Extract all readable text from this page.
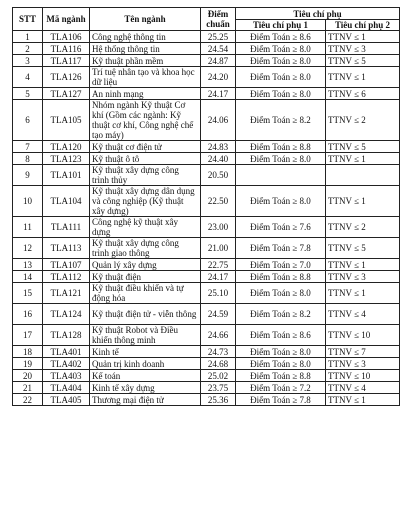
STT	Mã ngành	Tên ngành	Điểm chuẩn	Tiêu chí phụ	
				Tiêu chí phụ 1	Tiêu chí phụ 2
1	TLA106	Công nghệ thông tin	25.25	Điểm Toán ≥ 8.6	TTNV ≤ 1
2	TLA116	Hệ thống thông tin	24.54	Điểm Toán ≥ 8.0	TTNV ≤ 3
3	TLA117	Kỹ thuật phần mềm	24.87	Điểm Toán ≥ 8.0	TTNV ≤ 5
4	TLA126	Trí tuệ nhân tạo và khoa học dữ liệu	24.20	Điểm Toán ≥ 8.0	TTNV ≤ 1
5	TLA127	An ninh mạng	24.17	Điểm Toán ≥ 8.0	TTNV ≤ 6
6	TLA105	Nhóm ngành Kỹ thuật Cơ khí (Gồm các ngành: Kỹ thuật cơ khí, Công nghệ chế tạo máy)	24.06	Điểm Toán ≥ 8.2	TTNV ≤ 2
7	TLA120	Kỹ thuật cơ điện tử	24.83	Điểm Toán ≥ 8.8	TTNV ≤ 5
8	TLA123	Kỹ thuật ô tô	24.40	Điểm Toán ≥ 8.0	TTNV ≤ 1
9	TLA101	Kỹ thuật xây dựng công trình thủy	20.50		
10	TLA104	Kỹ thuật xây dựng dân dụng và công nghiệp (Kỹ thuật xây dựng)	22.50	Điểm Toán ≥ 8.0	TTNV ≤ 1
11	TLA111	Công nghệ kỹ thuật xây dựng	23.00	Điểm Toán ≥ 7.6	TTNV ≤ 2
12	TLA113	Kỹ thuật xây dựng công trình giao thông	21.00	Điểm Toán ≥ 7.8	TTNV ≤ 5
13	TLA107	Quản lý xây dựng	22.75	Điểm Toán ≥ 7.0	TTNV ≤ 1
14	TLA112	Kỹ thuật điện	24.17	Điểm Toán ≥ 8.8	TTNV ≤ 3
15	TLA121	Kỹ thuật điều khiển và tự động hóa	25.10	Điểm Toán ≥ 8.0	TTNV ≤ 1
16	TLA124	Kỹ thuật điện tử - viễn thông	24.59	Điểm Toán ≥ 8.2	TTNV ≤ 4
17	TLA128	Kỹ thuật Robot và Điều khiển thông minh	24.66	Điểm Toán ≥ 8.6	TTNV ≤ 10
18	TLA401	Kinh tế	24.73	Điểm Toán ≥ 8.0	TTNV ≤ 7
19	TLA402	Quản trị kinh doanh	24.68	Điểm Toán ≥ 8.0	TTNV ≤ 3
20	TLA403	Kế toán	25.02	Điểm Toán ≥ 8.8	TTNV ≤ 10
21	TLA404	Kinh tế xây dựng	23.75	Điểm Toán ≥ 7.2	TTNV ≤ 4
22	TLA405	Thương mại điện tử	25.36	Điểm Toán ≥ 7.8	TTNV ≤ 1
